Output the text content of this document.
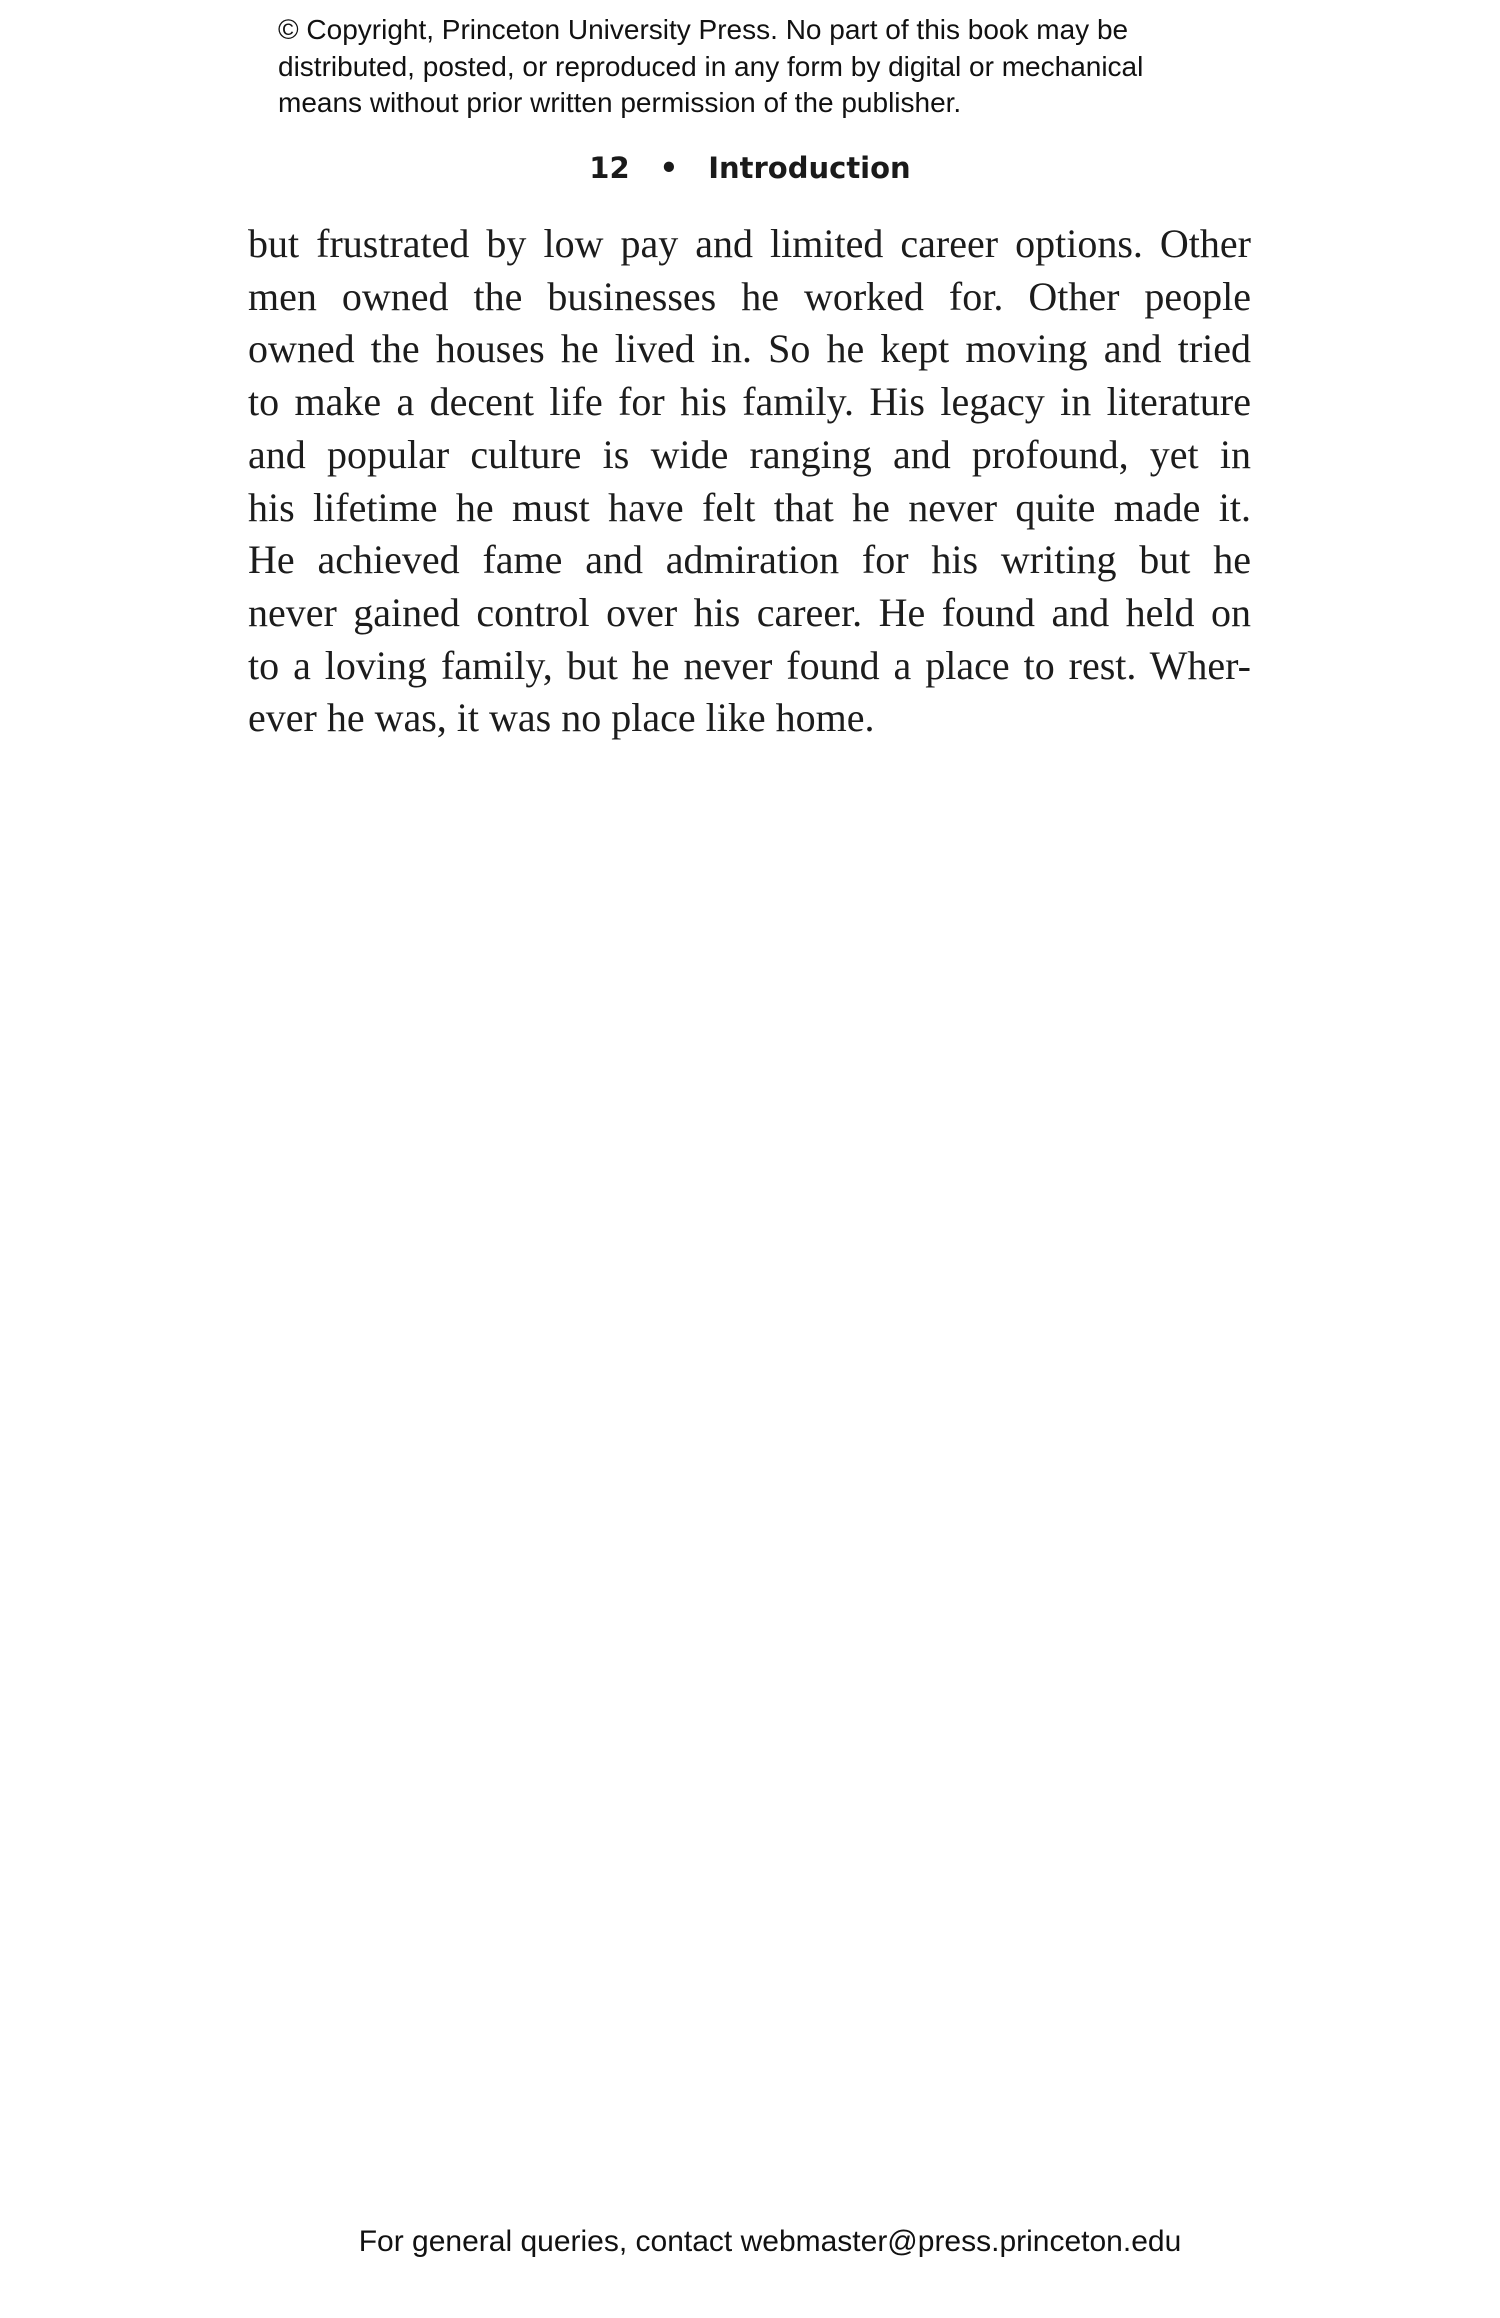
© Copyright, Princeton University Press. No part of this book may be
distributed, posted, or reproduced in any form by digital or mechanical
means without prior written permission of the publisher.
12 • Introduction
but frustrated by low pay and limited career options. Other
men owned the businesses he worked for. Other people
owned the houses he lived in. So he kept moving and tried
to make a decent life for his family. His legacy in literature
and popular culture is wide ranging and profound, yet in
his lifetime he must have felt that he never quite made it.
He achieved fame and admiration for his writing but he
never gained control over his career. He found and held on
to a loving family, but he never found a place to rest. Wher-
ever he was, it was no place like home.
For general queries, contact webmaster@press.princeton.edu
